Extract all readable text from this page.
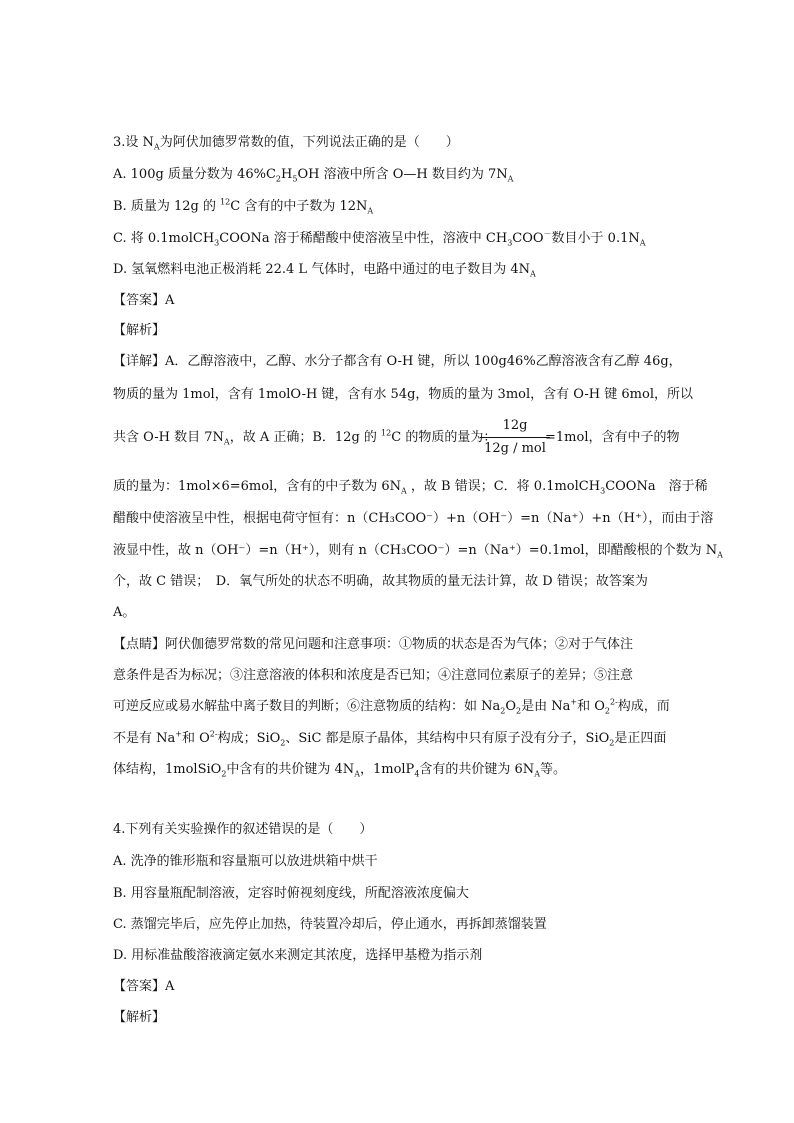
3.设 $N_A$为阿伏加德罗常数的值，下列说法正确的是（　　）
A. 100g 质量分数为 $46\%C_2H_5OH$ 溶液中所含 O—H 数目约为 $7N_A$
B. 质量为 12g 的 $^{12}$C 含有的中子数为 $12N_A$
C. 将 0.1molCH$_3$COONa 溶于稀醋酸中使溶液呈中性，溶液中 $CH_3COO^-$数目小于 $0.1N_A$
D. 氢氧燃料电池正极消耗 22.4 L 气体时，电路中通过的电子数目为 $4N_A$
【答案】A
【解析】
【详解】A．乙醇溶液中，乙醇、水分子都含有 O-H 键，所以 100g46%乙醇溶液含有乙醇 46g，
物质的量为 1mol，含有 1molO-H 键，含有水 54g，物质的量为 3mol，含有 O-H 键 6mol，所以
共含 O-H 数目 $7N_A$，故 A 正确；B．12g 的 $^{12}$C 的物质的量为：
12g
12g / mol
=1mol，含有中子的物
质的量为：1mol×6=6mol，含有的中子数为 $6N_A$ ，故 B 错误；C．将 0.1molCH$_3$COONa　溶于稀
醋酸中使溶液呈中性，根据电荷守恒有：n（CH₃COO⁻）+n（OH⁻）=n（Na⁺）+n（H⁺），而由于溶
液显中性，故 n（OH⁻）=n（H⁺），则有 n（CH₃COO⁻）=n（Na⁺）=0.1mol，即醋酸根的个数为 $N_A$
个，故 C 错误；　D．氧气所处的状态不明确，故其物质的量无法计算，故 D 错误；故答案为
A。
【点睛】阿伏伽德罗常数的常见问题和注意事项：①物质的状态是否为气体；②对于气体注
意条件是否为标况；③注意溶液的体积和浓度是否已知；④注意同位素原子的差异；⑤注意
可逆反应或易水解盐中离子数目的判断；⑥注意物质的结构：如 $Na_2O_2$是由 Na+和 $O_2^{2-}$构成，而
不是有 Na+和 $O^{2-}$构成；SiO$_2$、SiC 都是原子晶体，其结构中只有原子没有分子，SiO$_2$是正四面
体结构，1molSiO$_2$中含有的共价键为 $4N_A$，1molP$_4$含有的共价键为 $6N_A$等。
4.下列有关实验操作的叙述错误的是（　　）
A. 洗净的锥形瓶和容量瓶可以放进烘箱中烘干
B. 用容量瓶配制溶液，定容时俯视刻度线，所配溶液浓度偏大
C. 蒸馏完毕后，应先停止加热，待装置冷却后，停止通水，再拆卸蒸馏装置
D. 用标准盐酸溶液滴定氨水来测定其浓度，选择甲基橙为指示剂
【答案】A
【解析】
